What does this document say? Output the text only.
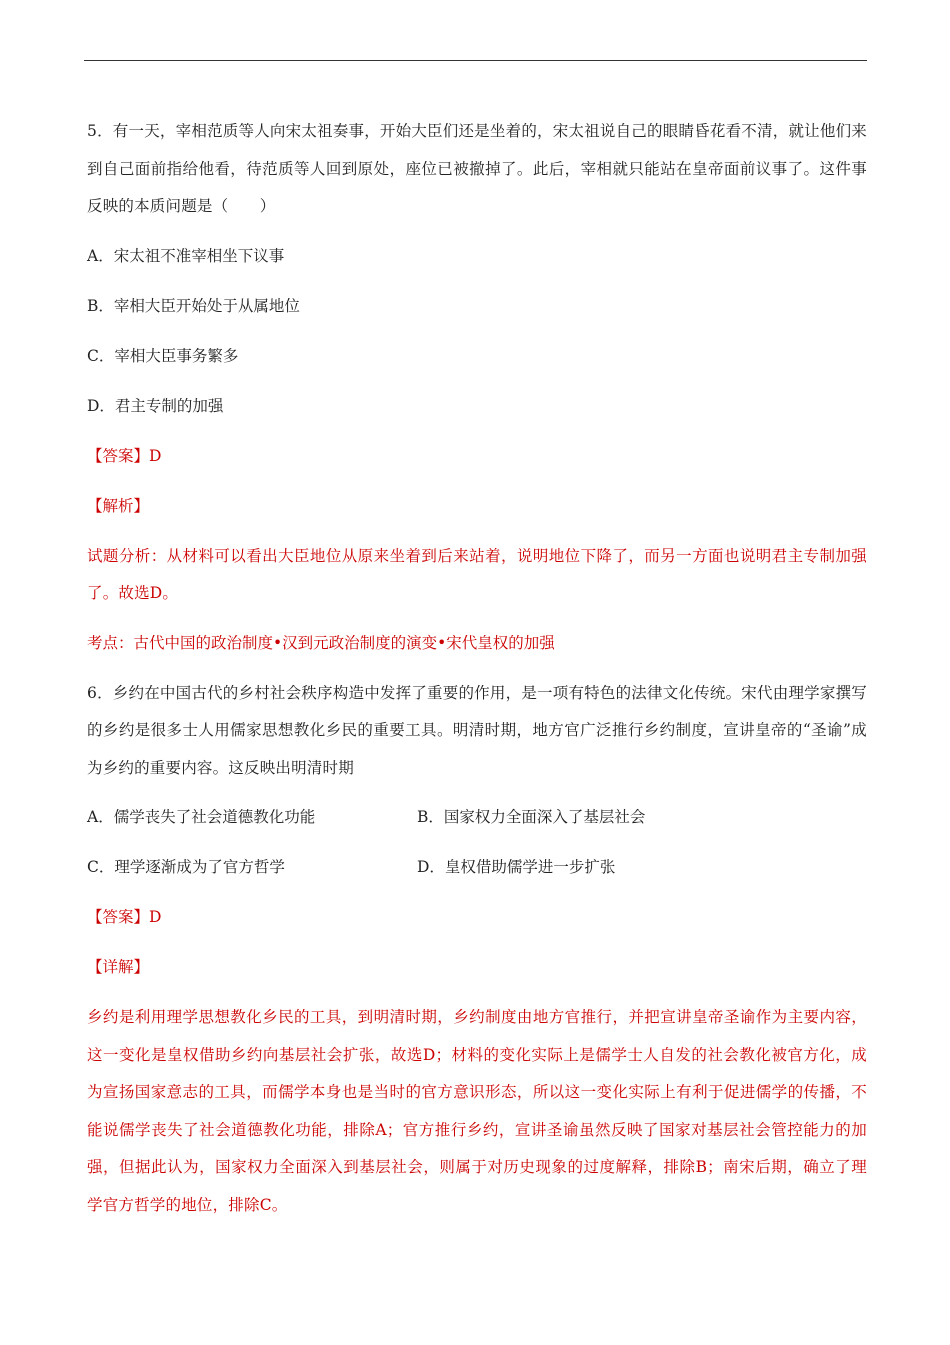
5．有一天，宰相范质等人向宋太祖奏事，开始大臣们还是坐着的，宋太祖说自己的眼睛昏花看不清，就让他们来到自己面前指给他看，待范质等人回到原处，座位已被撤掉了。此后，宰相就只能站在皇帝面前议事了。这件事反映的本质问题是（　　）

A．宋太祖不准宰相坐下议事

B．宰相大臣开始处于从属地位

C．宰相大臣事务繁多

D．君主专制的加强

【答案】D

【解析】

试题分析：从材料可以看出大臣地位从原来坐着到后来站着，说明地位下降了，而另一方面也说明君主专制加强了。故选D。

考点：古代中国的政治制度•汉到元政治制度的演变•宋代皇权的加强

6．乡约在中国古代的乡村社会秩序构造中发挥了重要的作用，是一项有特色的法律文化传统。宋代由理学家撰写的乡约是很多士人用儒家思想教化乡民的重要工具。明清时期，地方官广泛推行乡约制度，宣讲皇帝的“圣谕”成为乡约的重要内容。这反映出明清时期

A．儒学丧失了社会道德教化功能	B．国家权力全面深入了基层社会
C．理学逐渐成为了官方哲学	D．皇权借助儒学进一步扩张

【答案】D

【详解】

乡约是利用理学思想教化乡民的工具，到明清时期，乡约制度由地方官推行，并把宣讲皇帝圣谕作为主要内容，这一变化是皇权借助乡约向基层社会扩张，故选D；材料的变化实际上是儒学士人自发的社会教化被官方化，成为宣扬国家意志的工具，而儒学本身也是当时的官方意识形态，所以这一变化实际上有利于促进儒学的传播，不能说儒学丧失了社会道德教化功能，排除A；官方推行乡约，宣讲圣谕虽然反映了国家对基层社会管控能力的加强，但据此认为，国家权力全面深入到基层社会，则属于对历史现象的过度解释，排除B；南宋后期，确立了理学官方哲学的地位，排除C。
